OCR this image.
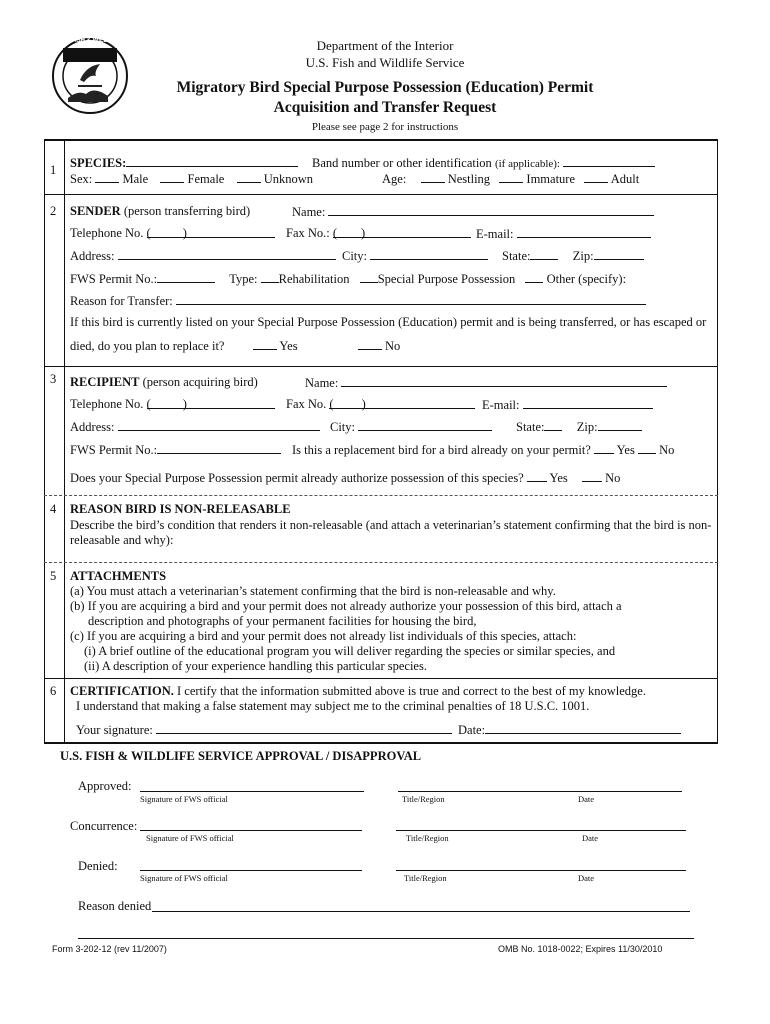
U.S. FISH & WILDLIFE SERVICE	Department of the Interior
U.S. Fish and Wildlife Service
Migratory Bird Special Purpose Possession (Education) Permit
Acquisition and Transfer Request
Please see page 2 for instructions
1 SPECIES:	Band number or other identification (if applicable):
Sex: Male	Female	Unknown	Age:	Nestling	Immature	Adult
2 SENDER (person transferring bird)	Name:
Telephone No. (	)	Fax No.: ( )	E-mail:
Address:	City:	State:	Zip:
FWS Permit No.:	Type: Rehabilitation Special Purpose Possession	Other (specify):
Reason for Transfer:
If this bird is currently listed on your Special Purpose Possession (Education) permit and is being transferred, or has escaped or
died, do you plan to replace it?	Yes	No
3 RECIPIENT (person acquiring bird)	Name:
Telephone No. (	)	Fax No. ( )	E-mail:
Address:	City:	State:	Zip:
FWS Permit No.:	Is this a replacement bird for a bird already on your permit? Yes No
Does your Special Purpose Possession permit already authorize possession of this species? Yes	No
4 REASON BIRD IS NON-RELEASABLE
Describe the bird’s condition that renders it non-releasable (and attach a veterinarian’s statement confirming that the bird is non-
releasable and why):
5 ATTACHMENTS
(a) You must attach a veterinarian’s statement confirming that the bird is non-releasable and why.
(b) If you are acquiring a bird and your permit does not already authorize your possession of this bird, attach a
description and photographs of your permanent facilities for housing the bird,
(c) If you are acquiring a bird and your permit does not already list individuals of this species, attach:
(i) A brief outline of the educational program you will deliver regarding the species or similar species, and
(ii) A description of your experience handling this particular species.
6 CERTIFICATION. I certify that the information submitted above is true and correct to the best of my knowledge.
I understand that making a false statement may subject me to the criminal penalties of 18 U.S.C. 1001.
Your signature:	Date:
U.S. FISH & WILDLIFE SERVICE APPROVAL / DISAPPROVAL
Approved:
Signature of FWS official	Title/Region	Date
Concurrence:
Signature of FWS official	Title/Region	Date
Denied:
Signature of FWS official	Title/Region	Date
Reason denied
Form 3-202-12 (rev 11/2007)	OMB No. 1018-0022; Expires 11/30/2010
